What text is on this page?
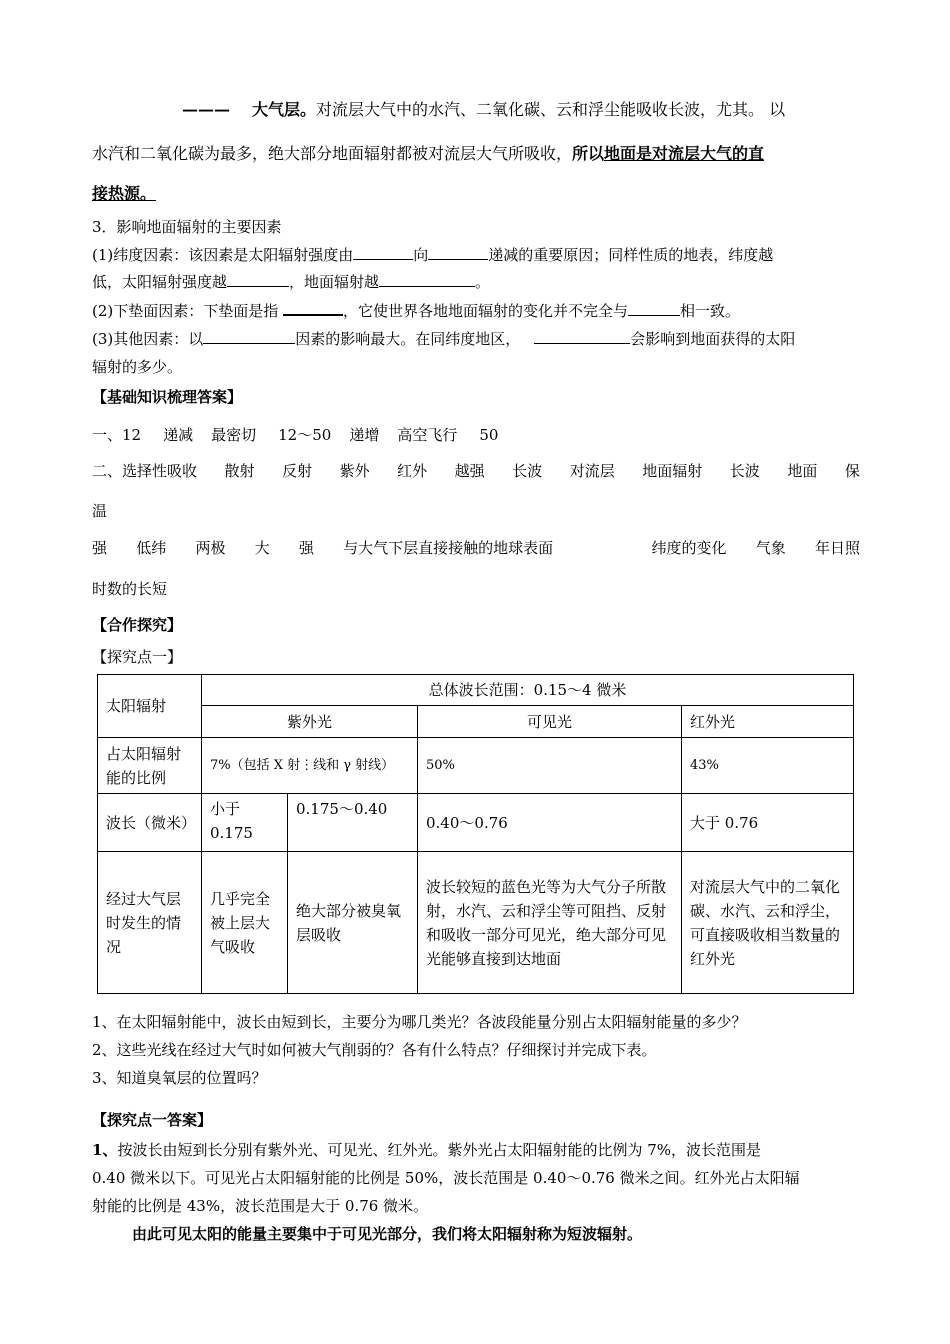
——— 大气层。对流层大气中的水汽、二氧化碳、云和浮尘能吸收长波，尤其。 以
水汽和二氧化碳为最多，绝大部分地面辐射都被对流层大气所吸收，所以地面是对流层大气的直
接热源。
3．影响地面辐射的主要因素
(1)纬度因素：该因素是太阳辐射强度由	向	递减的重要原因；同样性质的地表，纬度越
低，太阳辐射强度越	，地面辐射越	。
(2)下垫面因素：下垫面是指	，它使世界各地地面辐射的变化并不完全与	相一致。
(3)其他因素：以	因素的影响最大。在同纬度地区，	会影响到地面获得的太阳
辐射的多少。
【基础知识梳理答案】
一、12 递减 最密切 12～50 递增 高空飞行 50
二、选择性吸收 散射 反射 紫外 红外 越强 长波 对流层 地面辐射 长波 地面 保
温
强 低纬 两极 大 强 与大气下层直接接触的地球表面	纬度的变化 气象 年日照
时数的长短
【合作探究】
【探究点一】
太阳辐射	总体波长范围：0.15～4 微米			
	紫外光		可见光	红外光
占太阳辐射能的比例	7%（包括 X 射⋮线和 γ 射线）		50%	43%
波长（微米）	小于 0.175	0.175～0.40	0.40～0.76	大于 0.76
经过大气层时发生的情况	几乎完全被上层大气吸收	绝大部分被臭氧层吸收	波长较短的蓝色光等为大气分子所散射，水汽、云和浮尘等可阻挡、反射和吸收一部分可见光，绝大部分可见光能够直接到达地面	对流层大气中的二氧化碳、水汽、云和浮尘，可直接吸收相当数量的红外光
1、在太阳辐射能中，波长由短到长，主要分为哪几类光？各波段能量分别占太阳辐射能量的多少？
2、这些光线在经过大气时如何被大气削弱的？各有什么特点？仔细探讨并完成下表。
3、知道臭氧层的位置吗？
【探究点一答案】
1、按波长由短到长分别有紫外光、可见光、红外光。紫外光占太阳辐射能的比例为 7%，波长范围是
0.40 微米以下。可见光占太阳辐射能的比例是 50%，波长范围是 0.40～0.76 微米之间。红外光占太阳辐
射能的比例是 43%，波长范围是大于 0.76 微米。
由此可见太阳的能量主要集中于可见光部分，我们将太阳辐射称为短波辐射。
